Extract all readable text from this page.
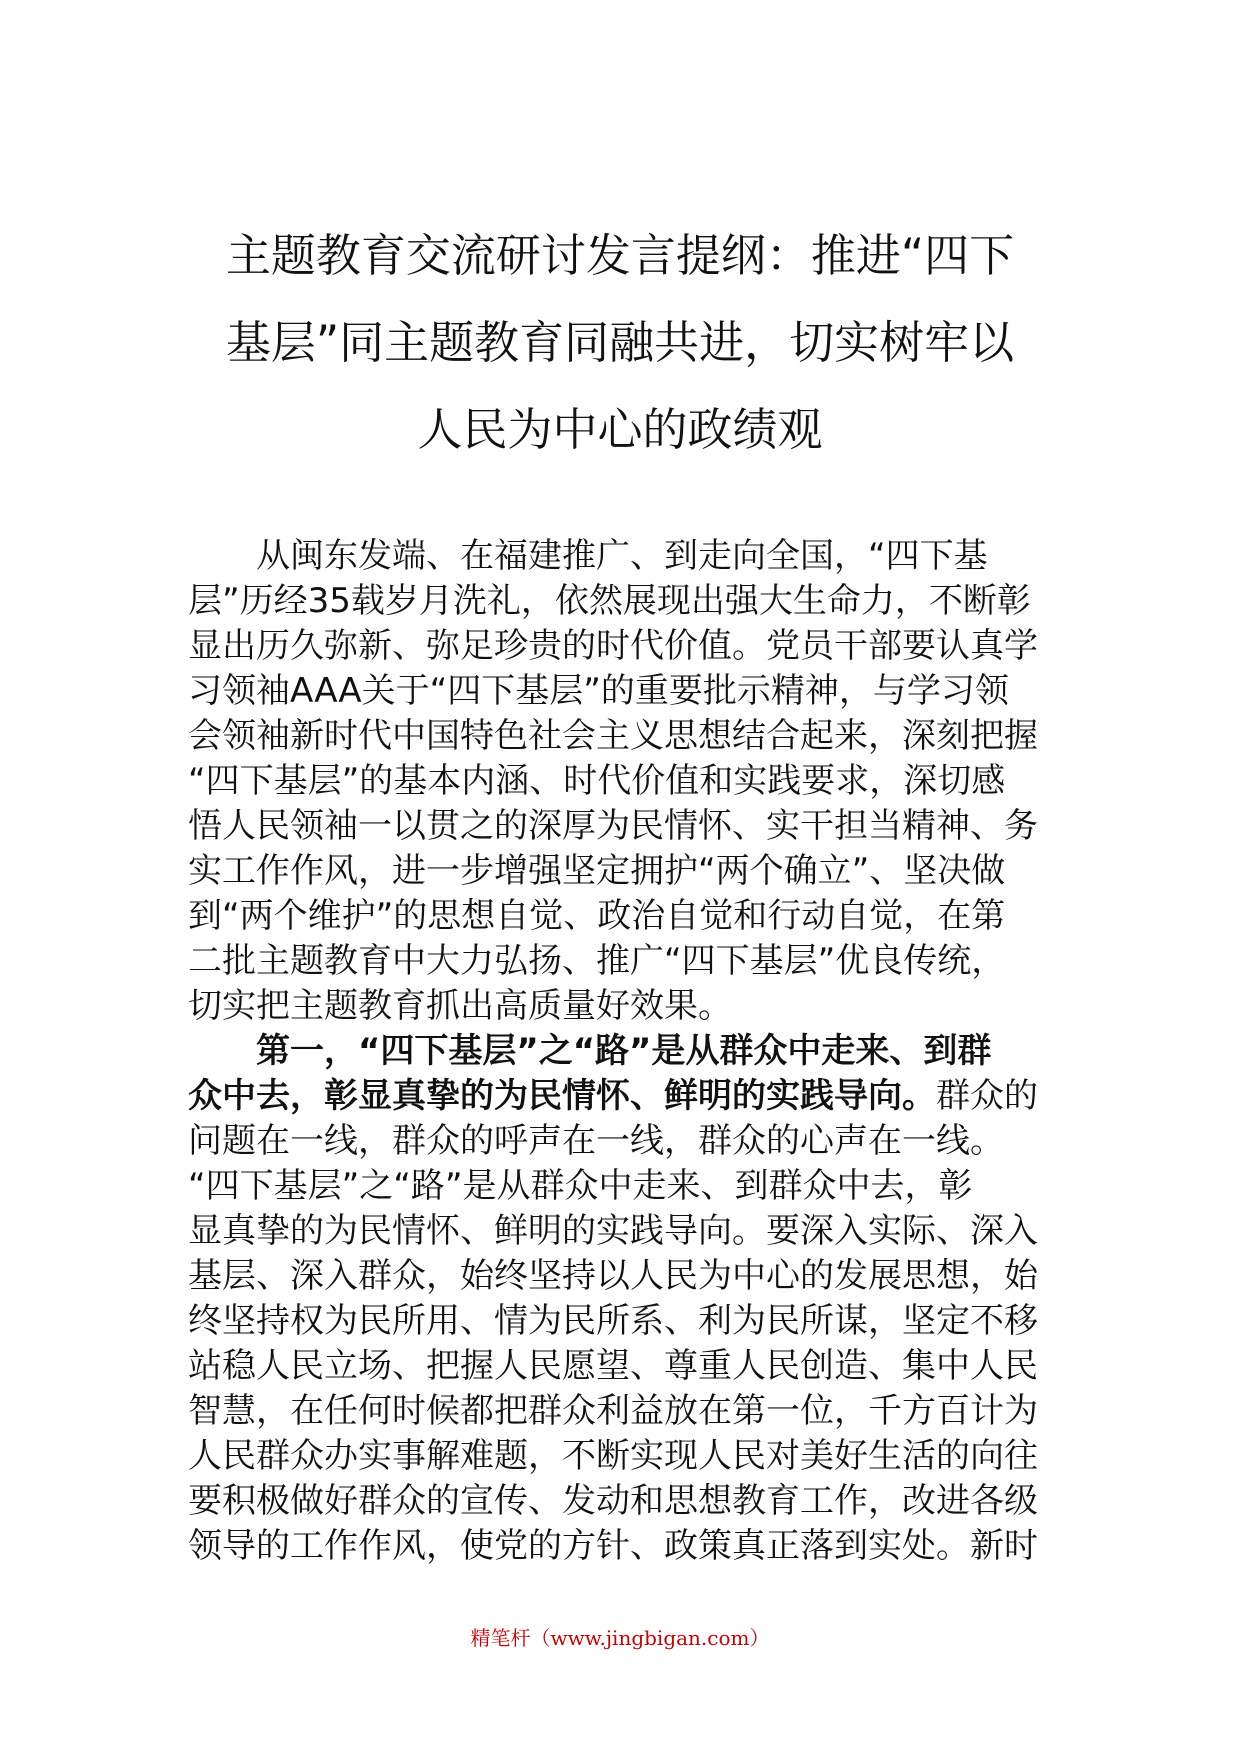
主题教育交流研讨发言提纲：推进“四下
基层”同主题教育同融共进，切实树牢以
人民为中心的政绩观
从闽东发端、在福建推广、到走向全国，“四下基
层”历经35载岁月洗礼，依然展现出强大生命力，不断彰
显出历久弥新、弥足珍贵的时代价值。党员干部要认真学
习领袖AAA关于“四下基层”的重要批示精神，与学习领
会领袖新时代中国特色社会主义思想结合起来，深刻把握
“四下基层”的基本内涵、时代价值和实践要求，深切感
悟人民领袖一以贯之的深厚为民情怀、实干担当精神、务
实工作作风，进一步增强坚定拥护“两个确立”、坚决做
到“两个维护”的思想自觉、政治自觉和行动自觉，在第
二批主题教育中大力弘扬、推广“四下基层”优良传统，
切实把主题教育抓出高质量好效果。
第一，“四下基层”之“路”是从群众中走来、到群
众中去，彰显真挚的为民情怀、鲜明的实践导向。群众的
问题在一线，群众的呼声在一线，群众的心声在一线。
“四下基层”之“路”是从群众中走来、到群众中去，彰
显真挚的为民情怀、鲜明的实践导向。要深入实际、深入
基层、深入群众，始终坚持以人民为中心的发展思想，始
终坚持权为民所用、情为民所系、利为民所谋，坚定不移
站稳人民立场、把握人民愿望、尊重人民创造、集中人民
智慧，在任何时候都把群众利益放在第一位，千方百计为
人民群众办实事解难题，不断实现人民对美好生活的向往
要积极做好群众的宣传、发动和思想教育工作，改进各级
领导的工作作风，使党的方针、政策真正落到实处。新时
精笔杆（www.jingbigan.com）
